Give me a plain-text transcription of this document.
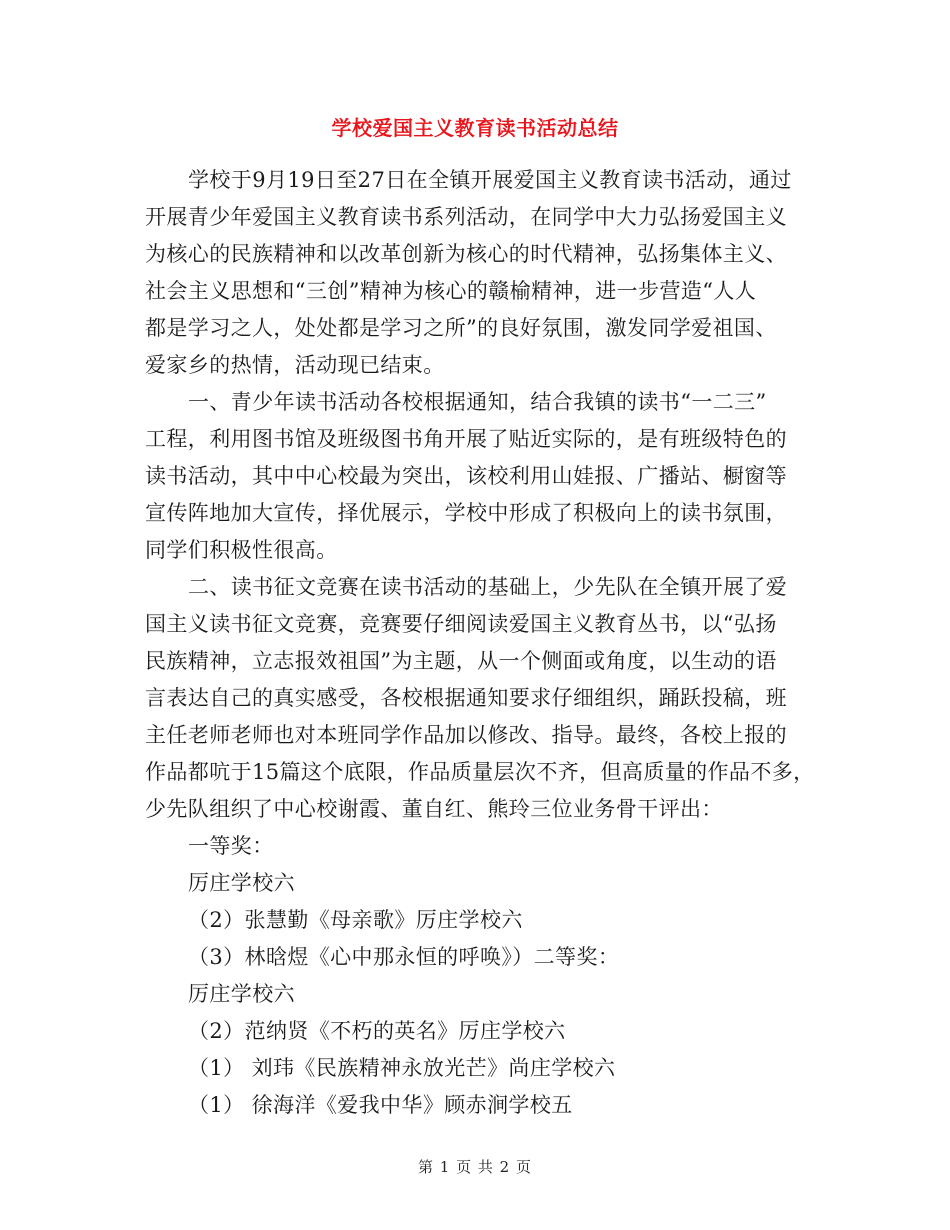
学校爱国主义教育读书活动总结
学校于9月19日至27日在全镇开展爱国主义教育读书活动，通过
开展青少年爱国主义教育读书系列活动，在同学中大力弘扬爱国主义
为核心的民族精神和以改革创新为核心的时代精神，弘扬集体主义、
社会主义思想和“三创”精神为核心的赣榆精神，进一步营造“人人
都是学习之人，处处都是学习之所”的良好氛围，激发同学爱祖国、
爱家乡的热情，活动现已结束。
一、青少年读书活动各校根据通知，结合我镇的读书“一二三”
工程，利用图书馆及班级图书角开展了贴近实际的，是有班级特色的
读书活动，其中中心校最为突出，该校利用山娃报、广播站、橱窗等
宣传阵地加大宣传，择优展示，学校中形成了积极向上的读书氛围，
同学们积极性很高。
二、读书征文竞赛在读书活动的基础上，少先队在全镇开展了爱
国主义读书征文竞赛，竞赛要仔细阅读爱国主义教育丛书，以“弘扬
民族精神，立志报效祖国”为主题，从一个侧面或角度，以生动的语
言表达自己的真实感受，各校根据通知要求仔细组织，踊跃投稿，班
主任老师老师也对本班同学作品加以修改、指导。最终，各校上报的
作品都吭于15篇这个底限，作品质量层次不齐，但高质量的作品不多，
少先队组织了中心校谢霞、董自红、熊玲三位业务骨干评出：
一等奖：
厉庄学校六
（2）张慧勤《母亲歌》厉庄学校六
（3）林晗煜《心中那永恒的呼唤》）二等奖：
厉庄学校六
（2）范纳贤《不朽的英名》厉庄学校六
（1） 刘玮《民族精神永放光芒》尚庄学校六
（1） 徐海洋《爱我中华》顾赤涧学校五
第 1 页 共 2 页
